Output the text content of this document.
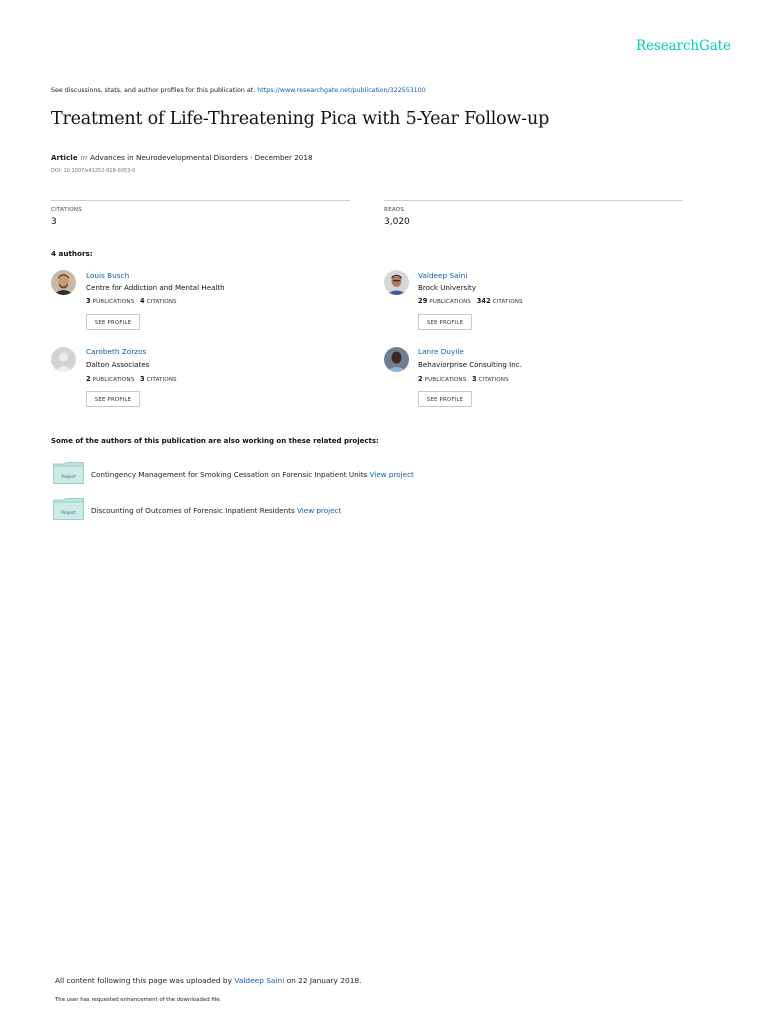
ResearchGate
See discussions, stats, and author profiles for this publication at: https://www.researchgate.net/publication/322553100
Treatment of Life-Threatening Pica with 5-Year Follow-up
Article in Advances in Neurodevelopmental Disorders · December 2018
DOI: 10.1007/s41252-018-0053-0
CITATIONS
3
READS
3,020
4 authors:
Louis Busch
Centre for Addiction and Mental Health
3 PUBLICATIONS 4 CITATIONS
SEE PROFILE
Valdeep Saini
Brock University
29 PUBLICATIONS 342 CITATIONS
SEE PROFILE
Carobeth Zorzos
Dalton Associates
2 PUBLICATIONS 3 CITATIONS
SEE PROFILE
Lanre Duyile
Behaviorprise Consulting Inc.
2 PUBLICATIONS 3 CITATIONS
SEE PROFILE
Some of the authors of this publication are also working on these related projects:
Project Contingency Management for Smoking Cessation on Forensic Inpatient Units View project
Project Discounting of Outcomes of Forensic Inpatient Residents View project
All content following this page was uploaded by Valdeep Saini on 22 January 2018.
The user has requested enhancement of the downloaded file.
